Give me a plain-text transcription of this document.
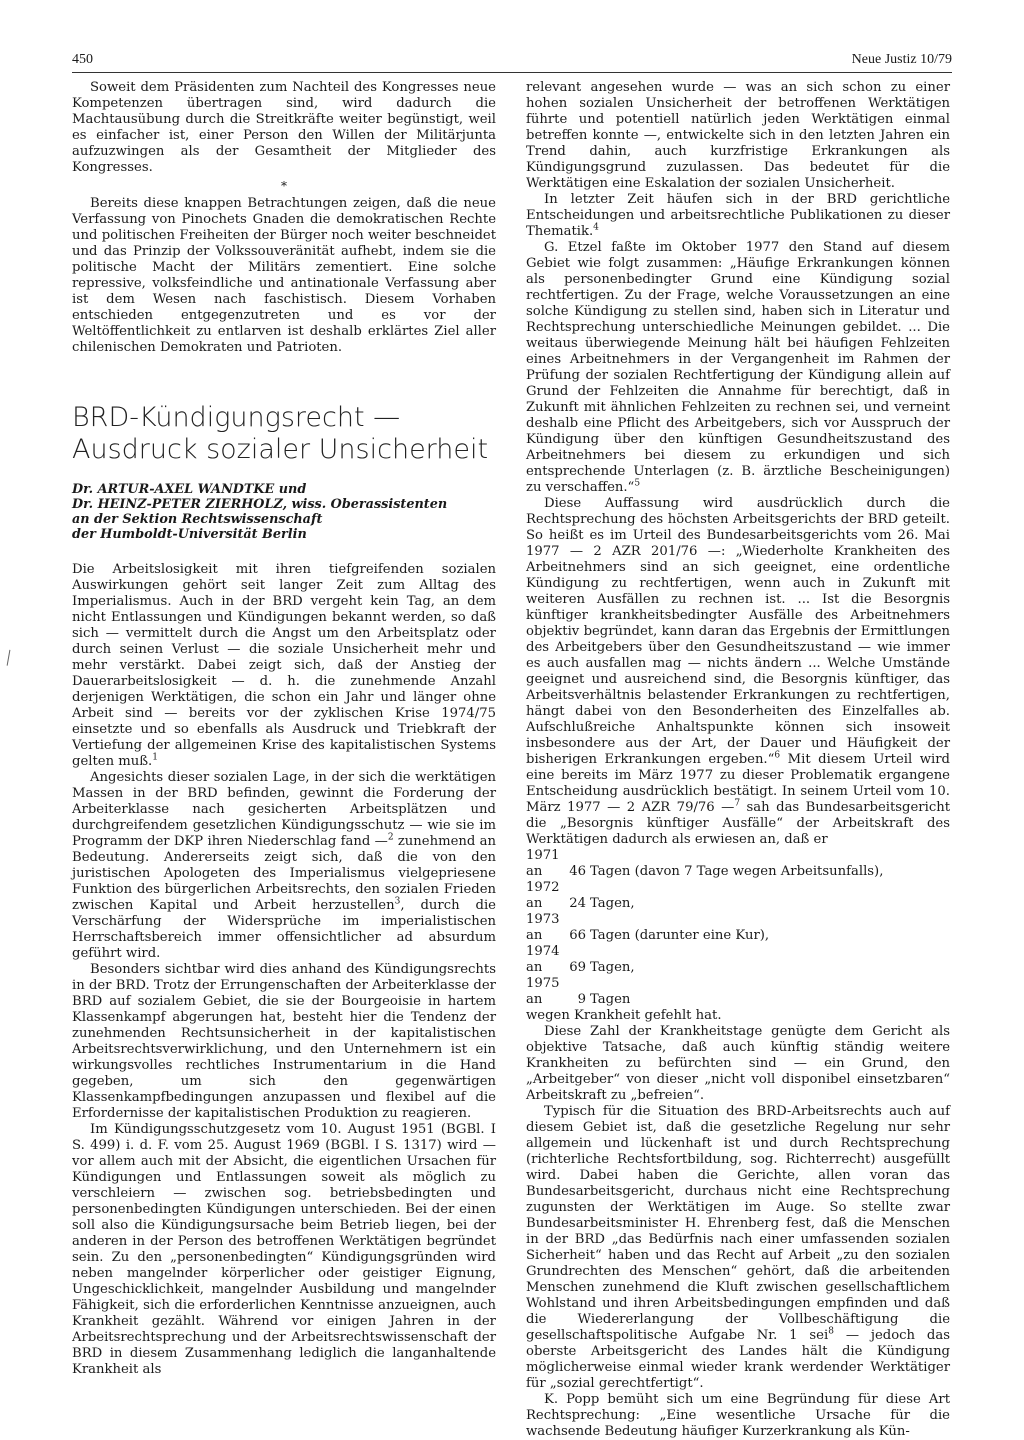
450	Neue Justiz 10/79

Soweit dem Präsidenten zum Nachteil des Kongresses neue Kompetenzen übertragen sind, wird dadurch die Machtausübung durch die Streitkräfte weiter begünstigt, weil es einfacher ist, einer Person den Willen der Militärjunta aufzuzwingen als der Gesamtheit der Mitglieder des Kongresses.

*

Bereits diese knappen Betrachtungen zeigen, daß die neue Verfassung von Pinochets Gnaden die demokratischen Rechte und politischen Freiheiten der Bürger noch weiter beschneidet und das Prinzip der Volkssouveränität aufhebt, indem sie die politische Macht der Militärs zementiert. Eine solche repressive, volksfeindliche und antinationale Verfassung aber ist dem Wesen nach faschistisch. Diesem Vorhaben entschieden entgegenzutreten und es vor der Weltöffentlichkeit zu entlarven ist deshalb erklärtes Ziel aller chilenischen Demokraten und Patrioten.

BRD-Kündigungsrecht —
Ausdruck sozialer Unsicherheit
Dr. ARTUR-AXEL WANDTKE und
Dr. HEINZ-PETER ZIERHOLZ, wiss. Oberassistenten
an der Sektion Rechtswissenschaft
der Humboldt-Universität Berlin

Die Arbeitslosigkeit mit ihren tiefgreifenden sozialen Auswirkungen gehört seit langer Zeit zum Alltag des Imperialismus. Auch in der BRD vergeht kein Tag, an dem nicht Entlassungen und Kündigungen bekannt werden, so daß sich — vermittelt durch die Angst um den Arbeitsplatz oder durch seinen Verlust — die soziale Unsicherheit mehr und mehr verstärkt. Dabei zeigt sich, daß der Anstieg der Dauerarbeitslosigkeit — d. h. die zunehmende Anzahl derjenigen Werktätigen, die schon ein Jahr und länger ohne Arbeit sind — bereits vor der zyklischen Krise 1974/75 einsetzte und so ebenfalls als Ausdruck und Triebkraft der Vertiefung der allgemeinen Krise des kapitalistischen Systems gelten muß.$^1$

Angesichts dieser sozialen Lage, in der sich die werktätigen Massen in der BRD befinden, gewinnt die Forderung der Arbeiterklasse nach gesicherten Arbeitsplätzen und durchgreifendem gesetzlichen Kündigungsschutz — wie sie im Programm der DKP ihren Niederschlag fand —$^2$ zunehmend an Bedeutung. Andererseits zeigt sich, daß die von den juristischen Apologeten des Imperialismus vielgepriesene Funktion des bürgerlichen Arbeitsrechts, den sozialen Frieden zwischen Kapital und Arbeit herzustellen$^3$, durch die Verschärfung der Widersprüche im imperialistischen Herrschaftsbereich immer offensichtlicher ad absurdum geführt wird.

Besonders sichtbar wird dies anhand des Kündigungsrechts in der BRD. Trotz der Errungenschaften der Arbeiterklasse der BRD auf sozialem Gebiet, die sie der Bourgeoisie in hartem Klassenkampf abgerungen hat, besteht hier die Tendenz der zunehmenden Rechtsunsicherheit in der kapitalistischen Arbeitsrechtsverwirklichung, und den Unternehmern ist ein wirkungsvolles rechtliches Instrumentarium in die Hand gegeben, um sich den gegenwärtigen Klassenkampfbedingungen anzupassen und flexibel auf die Erfordernisse der kapitalistischen Produktion zu reagieren.

Im Kündigungsschutzgesetz vom 10. August 1951 (BGBl. I S. 499) i. d. F. vom 25. August 1969 (BGBl. I S. 1317) wird — vor allem auch mit der Absicht, die eigentlichen Ursachen für Kündigungen und Entlassungen soweit als möglich zu verschleiern — zwischen sog. betriebsbedingten und personenbedingten Kündigungen unterschieden. Bei der einen soll also die Kündigungsursache beim Betrieb liegen, bei der anderen in der Person des betroffenen Werktätigen begründet sein. Zu den „personenbedingten“ Kündigungsgründen wird neben mangelnder körperlicher oder geistiger Eignung, Ungeschicklichkeit, mangelnder Ausbildung und mangelnder Fähigkeit, sich die erforderlichen Kenntnisse anzueignen, auch Krankheit gezählt. Während vor einigen Jahren in der Arbeitsrechtsprechung und der Arbeitsrechtswissenschaft der BRD in diesem Zusammenhang lediglich die langanhaltende Krankheit als

relevant angesehen wurde — was an sich schon zu einer hohen sozialen Unsicherheit der betroffenen Werktätigen führte und potentiell natürlich jeden Werktätigen einmal betreffen konnte —, entwickelte sich in den letzten Jahren ein Trend dahin, auch kurzfristige Erkrankungen als Kündigungsgrund zuzulassen. Das bedeutet für die Werktätigen eine Eskalation der sozialen Unsicherheit.

In letzter Zeit häufen sich in der BRD gerichtliche Entscheidungen und arbeitsrechtliche Publikationen zu dieser Thematik.$^4$

G. Etzel faßte im Oktober 1977 den Stand auf diesem Gebiet wie folgt zusammen: „Häufige Erkrankungen können als personenbedingter Grund eine Kündigung sozial rechtfertigen. Zu der Frage, welche Voraussetzungen an eine solche Kündigung zu stellen sind, haben sich in Literatur und Rechtsprechung unterschiedliche Meinungen gebildet. ... Die weitaus überwiegende Meinung hält bei häufigen Fehlzeiten eines Arbeitnehmers in der Vergangenheit im Rahmen der Prüfung der sozialen Rechtfertigung der Kündigung allein auf Grund der Fehlzeiten die Annahme für berechtigt, daß in Zukunft mit ähnlichen Fehlzeiten zu rechnen sei, und verneint deshalb eine Pflicht des Arbeitgebers, sich vor Ausspruch der Kündigung über den künftigen Gesundheitszustand des Arbeitnehmers bei diesem zu erkundigen und sich entsprechende Unterlagen (z. B. ärztliche Bescheinigungen) zu verschaffen.“$^5$

Diese Auffassung wird ausdrücklich durch die Rechtsprechung des höchsten Arbeitsgerichts der BRD geteilt. So heißt es im Urteil des Bundesarbeitsgerichts vom 26. Mai 1977 — 2 AZR 201/76 —: „Wiederholte Krankheiten des Arbeitnehmers sind an sich geeignet, eine ordentliche Kündigung zu rechtfertigen, wenn auch in Zukunft mit weiteren Ausfällen zu rechnen ist. ... Ist die Besorgnis künftiger krankheitsbedingter Ausfälle des Arbeitnehmers objektiv begründet, kann daran das Ergebnis der Ermittlungen des Arbeitgebers über den Gesundheitszustand — wie immer es auch ausfallen mag — nichts ändern ... Welche Umstände geeignet und ausreichend sind, die Besorgnis künftiger, das Arbeitsverhältnis belastender Erkrankungen zu rechtfertigen, hängt dabei von den Besonderheiten des Einzelfalles ab. Aufschlußreiche Anhaltspunkte können sich insoweit insbesondere aus der Art, der Dauer und Häufigkeit der bisherigen Erkrankungen ergeben.“$^6$ Mit diesem Urteil wird eine bereits im März 1977 zu dieser Problematik ergangene Entscheidung ausdrücklich bestätigt. In seinem Urteil vom 10. März 1977 — 2 AZR 79/76 —$^7$ sah das Bundesarbeitsgericht die „Besorgnis künftiger Ausfälle“ der Arbeitskraft des Werktätigen dadurch als erwiesen an, daß er

1971 an 46 Tagen (davon 7 Tage wegen Arbeitsunfalls),
1972 an 24 Tagen,
1973 an 66 Tagen (darunter eine Kur),
1974 an 69 Tagen,
1975 an	9 Tagen
wegen Krankheit gefehlt hat.

Diese Zahl der Krankheitstage genügte dem Gericht als objektive Tatsache, daß auch künftig ständig weitere Krankheiten zu befürchten sind — ein Grund, den „Arbeitgeber“ von dieser „nicht voll disponibel einsetzbaren“ Arbeitskraft zu „befreien“.

Typisch für die Situation des BRD-Arbeitsrechts auch auf diesem Gebiet ist, daß die gesetzliche Regelung nur sehr allgemein und lückenhaft ist und durch Rechtsprechung (richterliche Rechtsfortbildung, sog. Richterrecht) ausgefüllt wird. Dabei haben die Gerichte, allen voran das Bundesarbeitsgericht, durchaus nicht eine Rechtsprechung zugunsten der Werktätigen im Auge. So stellte zwar Bundesarbeitsminister H. Ehrenberg fest, daß die Menschen in der BRD „das Bedürfnis nach einer umfassenden sozialen Sicherheit“ haben und das Recht auf Arbeit „zu den sozialen Grundrechten des Menschen“ gehört, daß die arbeitenden Menschen zunehmend die Kluft zwischen gesellschaftlichem Wohlstand und ihren Arbeitsbedingungen empfinden und daß die Wiedererlangung der Vollbeschäftigung die gesellschaftspolitische Aufgabe Nr. 1 sei$^8$ — jedoch das oberste Arbeitsgericht des Landes hält die Kündigung möglicherweise einmal wieder krank werdender Werktätiger für „sozial gerechtfertigt“.

K. Popp bemüht sich um eine Begründung für diese Art Rechtsprechung: „Eine wesentliche Ursache für die wachsende Bedeutung häufiger Kurzerkrankung als Kün-
